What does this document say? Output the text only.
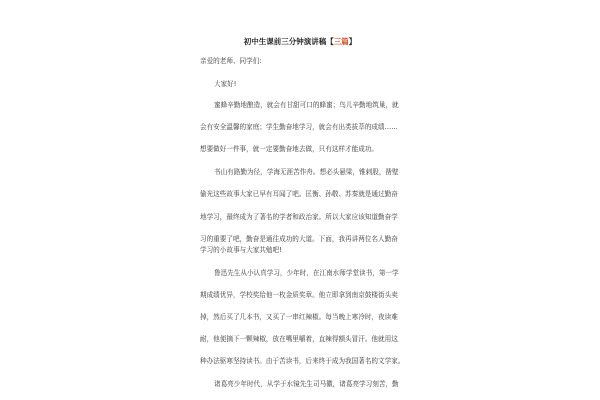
初中生课前三分钟演讲稿【三篇】
亲爱的老师、同学们:
大家好!
蜜蜂辛勤地酿造，就会有甘甜可口的蜂蜜；鸟儿辛勤地筑巢，就
会有安全温馨的家庭；学生勤奋地学习，就会有出类拔萃的成绩……
想要做好一件事，就一定要勤奋地去做，只有这样才能成功。
书山有路勤为径，学海无涯苦作舟。想必头悬梁，锥刺股，凿壁
偷光这些故事大家已早有耳闻了吧。匡衡、孙敬、苏秦就是通过勤奋
地学习，最终成为了著名的学者和政治家。所以大家应该知道勤奋学
习的重要了吧，勤奋是通往成功的大道。下面，我再讲两位名人勤奋
学习的小故事与大家共勉吧!
鲁迅先生从小认真学习，少年时，在江南水师学堂读书，第一学
期成绩优异，学校奖给他一枚金质奖章。他立即拿到南京鼓楼街头卖
掉，然后买了几本书，又买了一串红辣椒。每当晚上寒冷时，夜读难
耐，他便摘下一颗辣椒，放在嘴里嚼着，直辣得额头冒汗。他就用这
种办法驱寒坚持读书。由于苦读书，后来终于成为我国著名的文学家。
诸葛亮少年时代，从学于水镜先生司马徽，诸葛亮学习刻苦，勤
